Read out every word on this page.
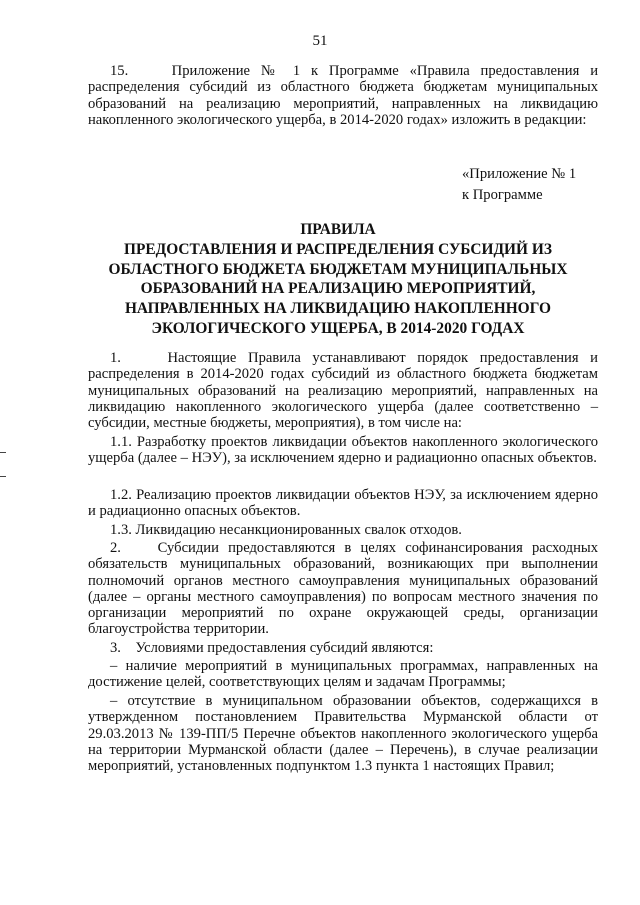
51

15.    Приложение № 1 к Программе «Правила предоставления и распределения субсидий из областного бюджета бюджетам муниципальных образований на реализацию мероприятий, направленных на ликвидацию накопленного экологического ущерба, в 2014-2020 годах» изложить в редакции:

«Приложение № 1

к Программе

ПРАВИЛА
ПРЕДОСТАВЛЕНИЯ И РАСПРЕДЕЛЕНИЯ СУБСИДИЙ ИЗ
ОБЛАСТНОГО БЮДЖЕТА БЮДЖЕТАМ МУНИЦИПАЛЬНЫХ
ОБРАЗОВАНИЙ НА РЕАЛИЗАЦИЮ МЕРОПРИЯТИЙ,
НАПРАВЛЕННЫХ НА ЛИКВИДАЦИЮ НАКОПЛЕННОГО
ЭКОЛОГИЧЕСКОГО УЩЕРБА, В 2014-2020 ГОДАХ

1.    Настоящие Правила устанавливают порядок предоставления и распределения в 2014-2020 годах субсидий из областного бюджета бюджетам муниципальных образований на реализацию мероприятий, направленных на ликвидацию накопленного экологического ущерба (далее соответственно – субсидии, местные бюджеты, мероприятия), в том числе на:

1.1. Разработку проектов ликвидации объектов накопленного экологического ущерба (далее – НЭУ), за исключением ядерно и радиационно опасных объектов.

1.2. Реализацию проектов ликвидации объектов НЭУ, за исключением ядерно и радиационно опасных объектов.

1.3. Ликвидацию несанкционированных свалок отходов.

2.    Субсидии предоставляются в целях софинансирования расходных обязательств муниципальных образований, возникающих при выполнении полномочий органов местного самоуправления муниципальных образований (далее – органы местного самоуправления) по вопросам местного значения по организации мероприятий по охране окружающей среды, организации благоустройства территории.

3.    Условиями предоставления субсидий являются:

– наличие мероприятий в муниципальных программах, направленных на достижение целей, соответствующих целям и задачам Программы;

– отсутствие в муниципальном образовании объектов, содержащихся в утвержденном постановлением Правительства Мурманской области от 29.03.2013 № 139-ПП/5 Перечне объектов накопленного экологического ущерба на территории Мурманской области (далее – Перечень), в случае реализации мероприятий, установленных подпунктом 1.3 пункта 1 настоящих Правил;
